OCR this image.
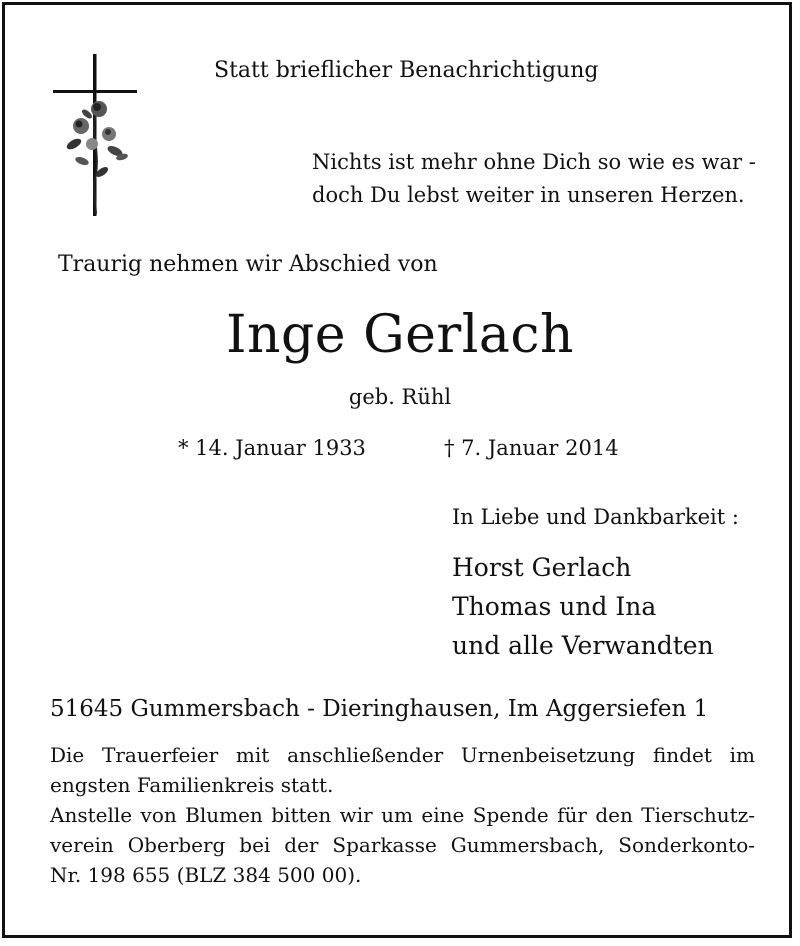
Statt brieflicher Benachrichtigung
Nichts ist mehr ohne Dich so wie es war -
doch Du lebst weiter in unseren Herzen.
Traurig nehmen wir Abschied von
Inge Gerlach
geb. Rühl
* 14. Januar 1933	† 7. Januar 2014
In Liebe und Dankbarkeit :
Horst Gerlach
Thomas und Ina
und alle Verwandten
51645 Gummersbach - Dieringhausen, Im Aggersiefen 1

Die Trauerfeier mit anschließender Urnenbeisetzung findet im

engsten Familienkreis statt.

Anstelle von Blumen bitten wir um eine Spende für den Tierschutz-

verein Oberberg bei der Sparkasse Gummersbach, Sonderkonto-

Nr. 198 655 (BLZ 384 500 00).
